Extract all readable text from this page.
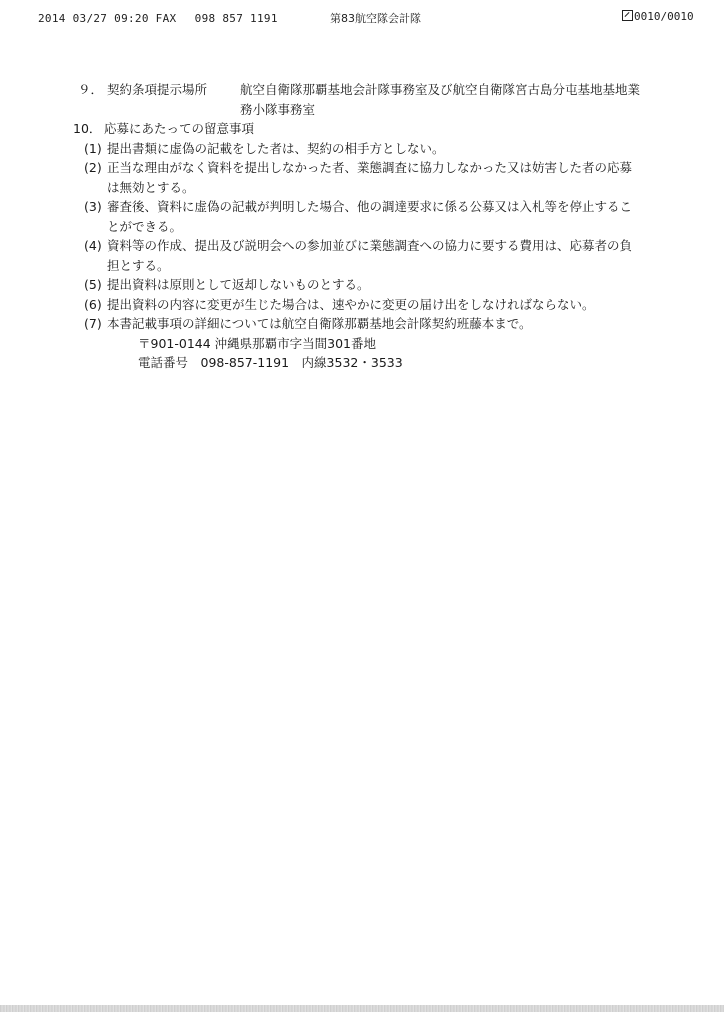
2014 03/27 09:20 FAX　 098 857 1191	第83航空隊会計隊	0010/0010
９． 契約条項提示場所	航空自衛隊那覇基地会計隊事務室及び航空自衛隊宮古島分屯基地基地業
務小隊事務室
10． 応募にあたっての留意事項
(1) 提出書類に虚偽の記載をした者は、契約の相手方としない。
(2) 正当な理由がなく資料を提出しなかった者、業態調査に協力しなかった又は妨害した者の応募
は無効とする。
(3) 審査後、資料に虚偽の記載が判明した場合、他の調達要求に係る公募又は入札等を停止するこ
とができる。
(4) 資料等の作成、提出及び説明会への参加並びに業態調査への協力に要する費用は、応募者の負
担とする。
(5) 提出資料は原則として返却しないものとする。
(6) 提出資料の内容に変更が生じた場合は、速やかに変更の届け出をしなければならない。
(7) 本書記載事項の詳細については航空自衛隊那覇基地会計隊契約班藤本まで。
〒901-0144 沖縄県那覇市字当間301番地
電話番号　098-857-1191　内線3532・3533
